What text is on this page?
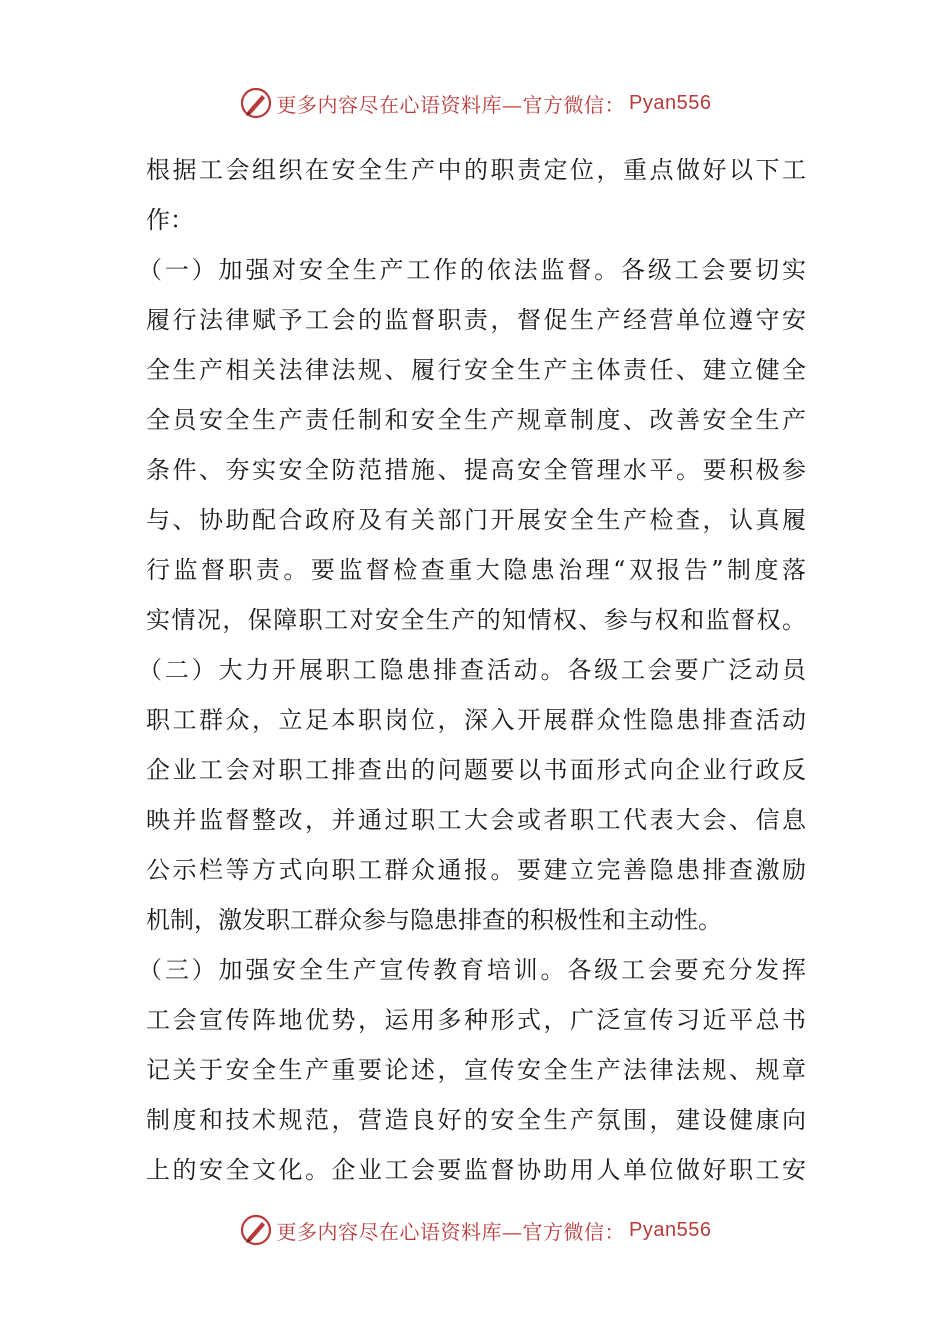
更多内容尽在心语资料库—官方微信： Pyan556
根据工会组织在安全生产中的职责定位，重点做好以下工
作：
（一）加强对安全生产工作的依法监督。各级工会要切实
履行法律赋予工会的监督职责，督促生产经营单位遵守安
全生产相关法律法规、履行安全生产主体责任、建立健全
全员安全生产责任制和安全生产规章制度、改善安全生产
条件、夯实安全防范措施、提高安全管理水平。要积极参
与、协助配合政府及有关部门开展安全生产检查，认真履
行监督职责。要监督检查重大隐患治理“双报告”制度落
实情况，保障职工对安全生产的知情权、参与权和监督权。
（二）大力开展职工隐患排查活动。各级工会要广泛动员
职工群众，立足本职岗位，深入开展群众性隐患排查活动
企业工会对职工排查出的问题要以书面形式向企业行政反
映并监督整改，并通过职工大会或者职工代表大会、信息
公示栏等方式向职工群众通报。要建立完善隐患排查激励
机制，激发职工群众参与隐患排查的积极性和主动性。
（三）加强安全生产宣传教育培训。各级工会要充分发挥
工会宣传阵地优势，运用多种形式，广泛宣传习近平总书
记关于安全生产重要论述，宣传安全生产法律法规、规章
制度和技术规范，营造良好的安全生产氛围，建设健康向
上的安全文化。企业工会要监督协助用人单位做好职工安
更多内容尽在心语资料库—官方微信： Pyan556
